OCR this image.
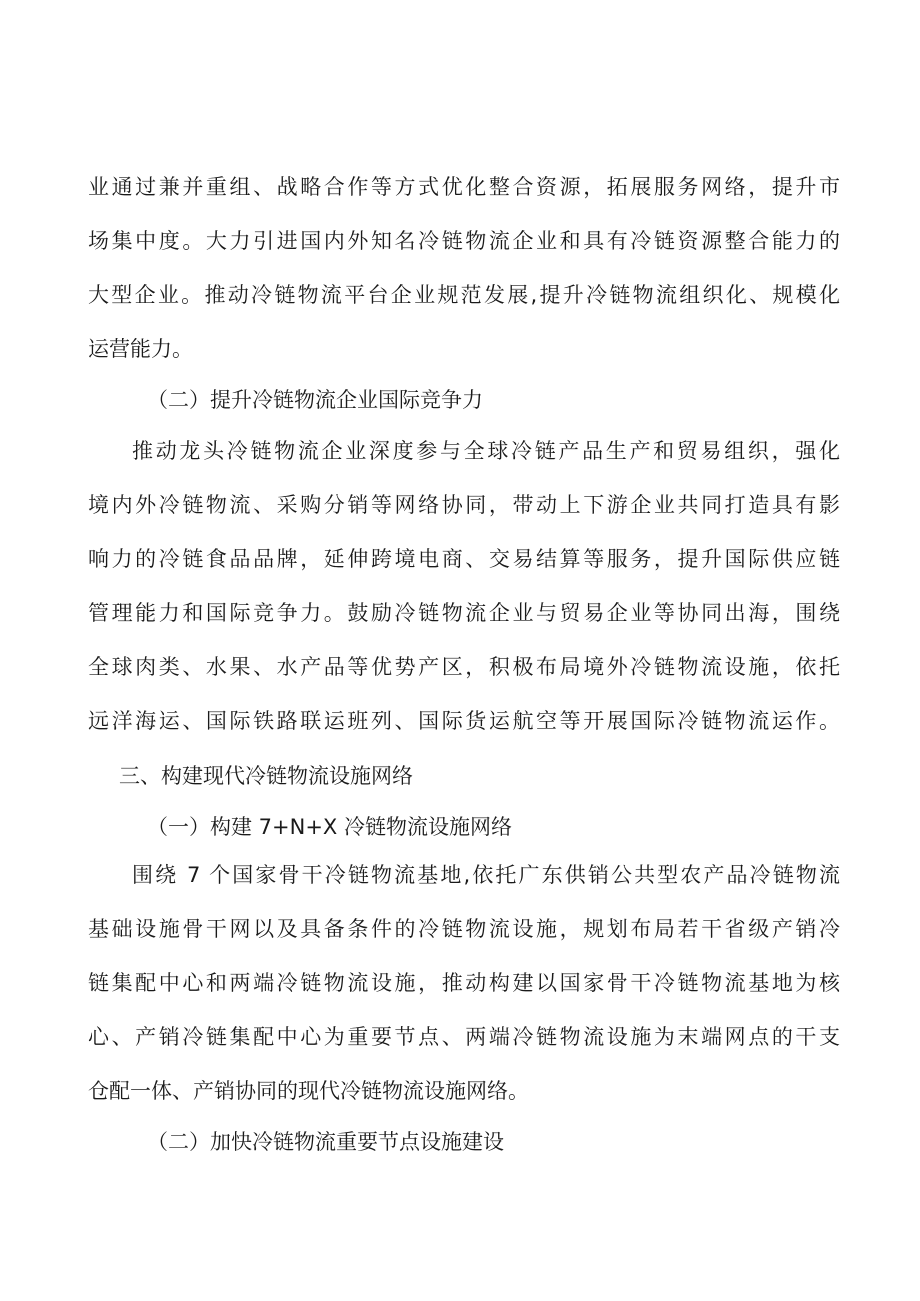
业通过兼并重组、战略合作等方式优化整合资源，拓展服务网络，提升市
场集中度。大力引进国内外知名冷链物流企业和具有冷链资源整合能力的
大型企业。推动冷链物流平台企业规范发展,提升冷链物流组织化、规模化
运营能力。
（二）提升冷链物流企业国际竞争力
推动龙头冷链物流企业深度参与全球冷链产品生产和贸易组织，强化
境内外冷链物流、采购分销等网络协同，带动上下游企业共同打造具有影
响力的冷链食品品牌，延伸跨境电商、交易结算等服务，提升国际供应链
管理能力和国际竞争力。鼓励冷链物流企业与贸易企业等协同出海，围绕
全球肉类、水果、水产品等优势产区，积极布局境外冷链物流设施，依托
远洋海运、国际铁路联运班列、国际货运航空等开展国际冷链物流运作。
三、构建现代冷链物流设施网络
（一）构建 7+N+X 冷链物流设施网络
围绕 7 个国家骨干冷链物流基地,依托广东供销公共型农产品冷链物流
基础设施骨干网以及具备条件的冷链物流设施，规划布局若干省级产销冷
链集配中心和两端冷链物流设施，推动构建以国家骨干冷链物流基地为核
心、产销冷链集配中心为重要节点、两端冷链物流设施为末端网点的干支
仓配一体、产销协同的现代冷链物流设施网络。
（二）加快冷链物流重要节点设施建设
